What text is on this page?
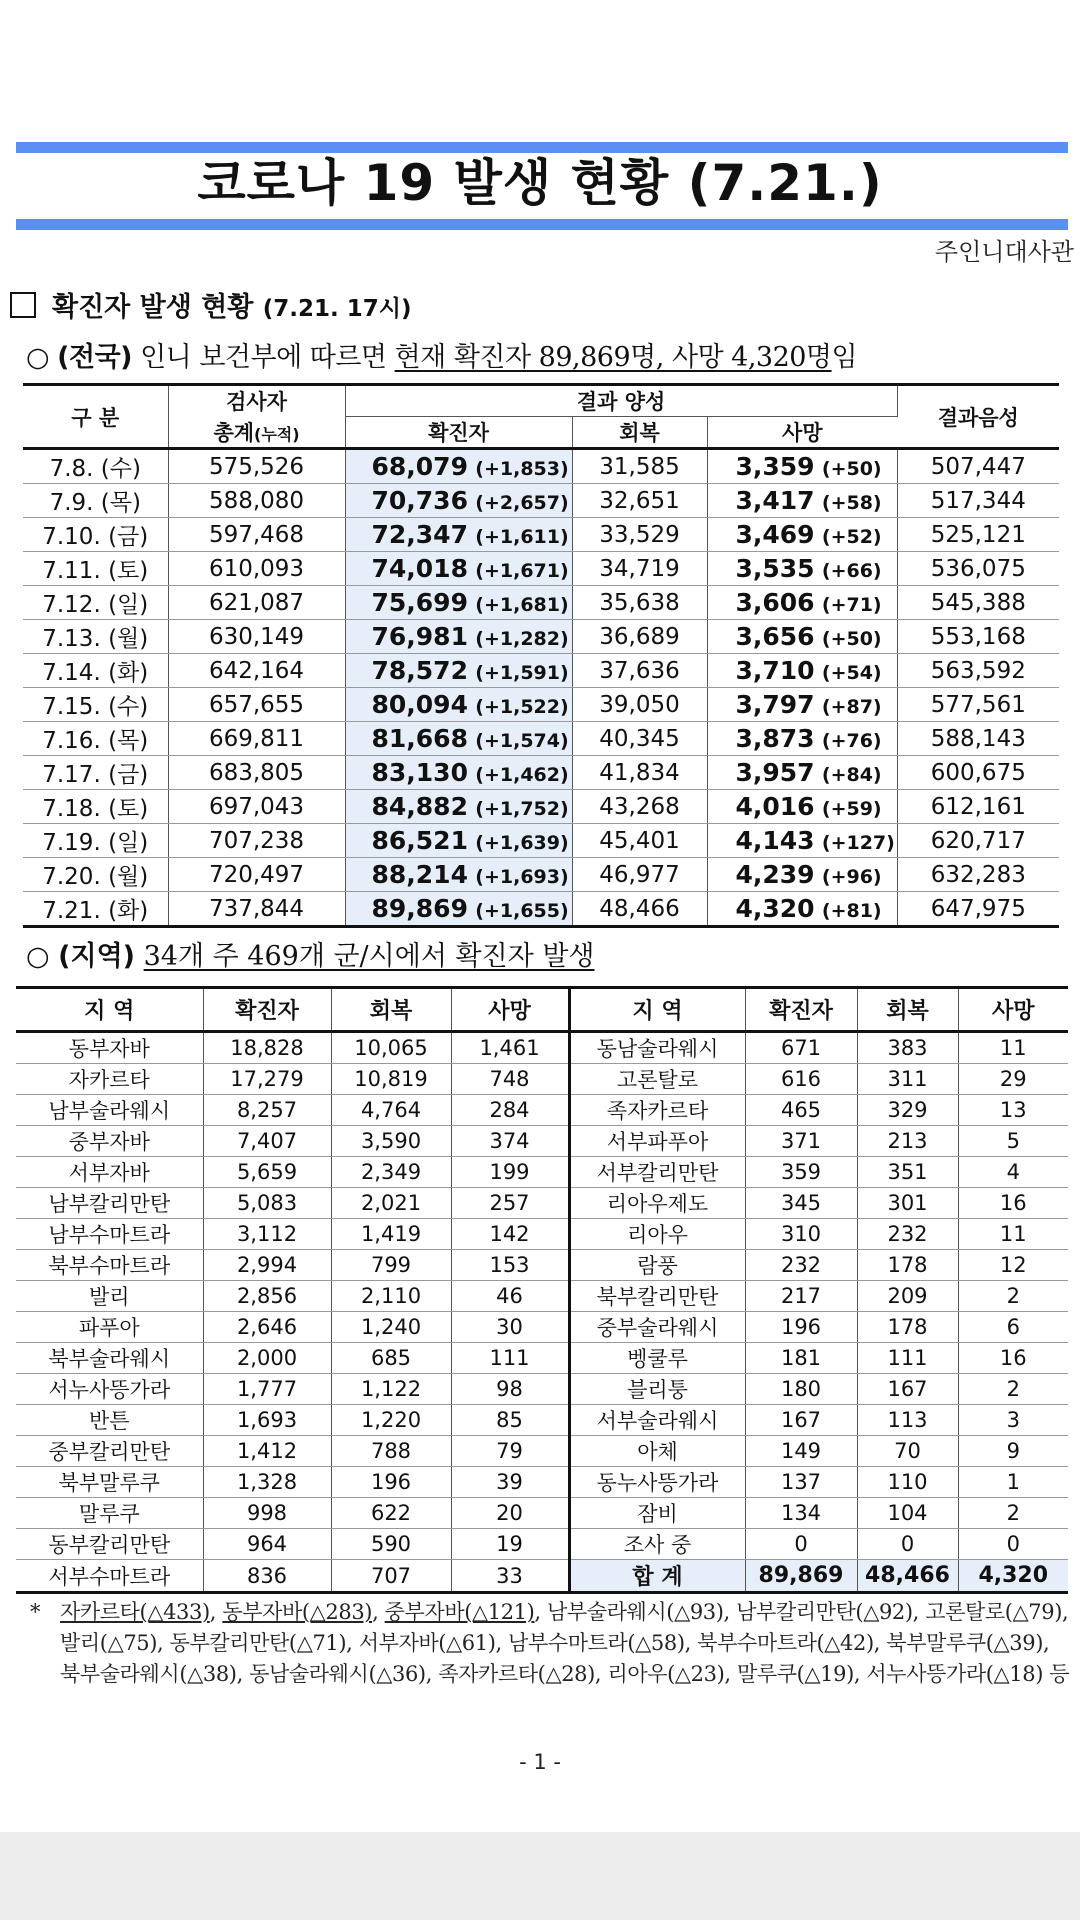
코로나 19 발생 현황 (7.21.)
주인니대사관
확진자 발생 현황 (7.21. 17시)
○ (전국) 인니 보건부에 따르면 현재 확진자 89,869명, 사망 4,320명임
구 분	검사자	결과 양성			결과음성
	총계(누적)	확진자	회복	사망	
7.8. (수)	575,526	68,079 (+1,853)	31,585	3,359 (+50)	507,447
7.9. (목)	588,080	70,736 (+2,657)	32,651	3,417 (+58)	517,344
7.10. (금)	597,468	72,347 (+1,611)	33,529	3,469 (+52)	525,121
7.11. (토)	610,093	74,018 (+1,671)	34,719	3,535 (+66)	536,075
7.12. (일)	621,087	75,699 (+1,681)	35,638	3,606 (+71)	545,388
7.13. (월)	630,149	76,981 (+1,282)	36,689	3,656 (+50)	553,168
7.14. (화)	642,164	78,572 (+1,591)	37,636	3,710 (+54)	563,592
7.15. (수)	657,655	80,094 (+1,522)	39,050	3,797 (+87)	577,561
7.16. (목)	669,811	81,668 (+1,574)	40,345	3,873 (+76)	588,143
7.17. (금)	683,805	83,130 (+1,462)	41,834	3,957 (+84)	600,675
7.18. (토)	697,043	84,882 (+1,752)	43,268	4,016 (+59)	612,161
7.19. (일)	707,238	86,521 (+1,639)	45,401	4,143 (+127)	620,717
7.20. (월)	720,497	88,214 (+1,693)	46,977	4,239 (+96)	632,283
7.21. (화)	737,844	89,869 (+1,655)	48,466	4,320 (+81)	647,975
○ (지역) 34개 주 469개 군/시에서 확진자 발생
지 역	확진자	회복	사망	지 역	확진자	회복	사망
동부자바	18,828	10,065	1,461	동남술라웨시	671	383	11
자카르타	17,279	10,819	748	고론탈로	616	311	29
남부술라웨시	8,257	4,764	284	족자카르타	465	329	13
중부자바	7,407	3,590	374	서부파푸아	371	213	5
서부자바	5,659	2,349	199	서부칼리만탄	359	351	4
남부칼리만탄	5,083	2,021	257	리아우제도	345	301	16
남부수마트라	3,112	1,419	142	리아우	310	232	11
북부수마트라	2,994	799	153	람풍	232	178	12
발리	2,856	2,110	46	북부칼리만탄	217	209	2
파푸아	2,646	1,240	30	중부술라웨시	196	178	6
북부술라웨시	2,000	685	111	벵쿨루	181	111	16
서누사뜽가라	1,777	1,122	98	블리퉁	180	167	2
반튼	1,693	1,220	85	서부술라웨시	167	113	3
중부칼리만탄	1,412	788	79	아체	149	70	9
북부말루쿠	1,328	196	39	동누사뜽가라	137	110	1
말루쿠	998	622	20	잠비	134	104	2
동부칼리만탄	964	590	19	조사 중	0	0	0
서부수마트라	836	707	33	합 계	89,869	48,466	4,320
* 자카르타(△433), 동부자바(△283), 중부자바(△121), 남부술라웨시(△93), 남부칼리만탄(△92), 고론탈로(△79),
발리(△75), 동부칼리만탄(△71), 서부자바(△61), 남부수마트라(△58), 북부수마트라(△42), 북부말루쿠(△39),
북부술라웨시(△38), 동남술라웨시(△36), 족자카르타(△28), 리아우(△23), 말루쿠(△19), 서누사뜽가라(△18) 등
- 1 -
